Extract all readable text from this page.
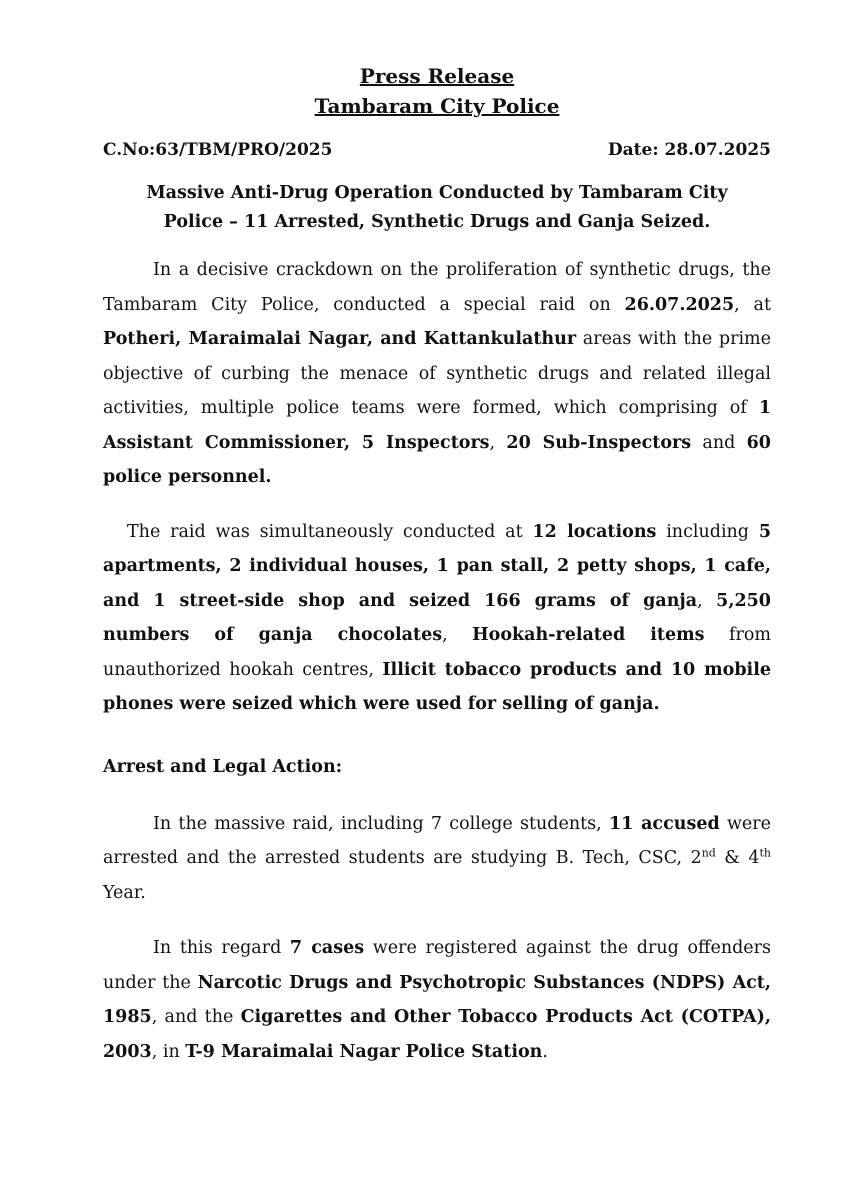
Press Release
Tambaram City Police
C.No:63/TBM/PRO/2025	Date: 28.07.2025
Massive Anti-Drug Operation Conducted by Tambaram City
Police – 11 Arrested, Synthetic Drugs and Ganja Seized.

In a decisive crackdown on the proliferation of synthetic drugs, the Tambaram City Police, conducted a special raid on 26.07.2025, at Potheri, Maraimalai Nagar, and Kattankulathur areas with the prime objective of curbing the menace of synthetic drugs and related illegal activities, multiple police teams were formed, which comprising of 1 Assistant Commissioner, 5 Inspectors, 20 Sub-Inspectors and 60 police personnel.

The raid was simultaneously conducted at 12 locations including 5 apartments, 2 individual houses, 1 pan stall, 2 petty shops, 1 cafe, and 1 street-side shop and seized 166 grams of ganja, 5,250 numbers of ganja chocolates, Hookah-related items from unauthorized hookah centres, Illicit tobacco products and 10 mobile phones were seized which were used for selling of ganja.

Arrest and Legal Action:

In the massive raid, including 7 college students, 11 accused were arrested and the arrested students are studying B. Tech, CSC, 2nd & 4th Year.

In this regard 7 cases were registered against the drug offenders under the Narcotic Drugs and Psychotropic Substances (NDPS) Act, 1985, and the Cigarettes and Other Tobacco Products Act (COTPA), 2003, in T-9 Maraimalai Nagar Police Station.
